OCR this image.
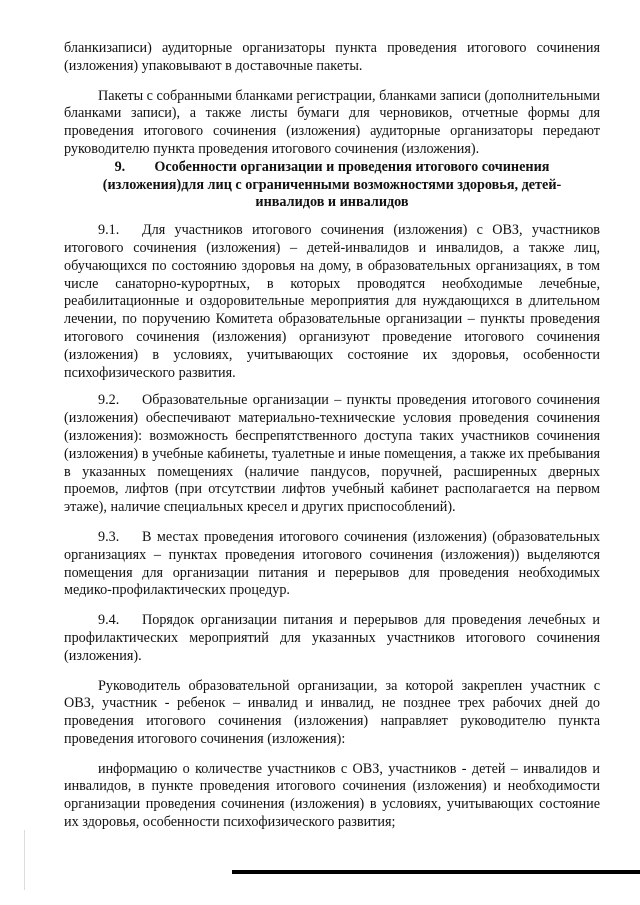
бланкизаписи) аудиторные организаторы пункта проведения итогового сочинения (изложения) упаковывают в доставочные пакеты.

Пакеты с собранными бланками регистрации, бланками записи (дополнительными бланками записи), а также листы бумаги для черновиков, отчетные формы для проведения итогового сочинения (изложения) аудиторные организаторы передают руководителю пункта проведения итогового сочинения (изложения).

9. Особенности организации и проведения итогового сочинения (изложения)для лиц с ограниченными возможностями здоровья, детей-инвалидов и инвалидов

9.1. Для участников итогового сочинения (изложения) с ОВЗ, участников итогового сочинения (изложения) – детей-инвалидов и инвалидов, а также лиц, обучающихся по состоянию здоровья на дому, в образовательных организациях, в том числе санаторно-курортных, в которых проводятся необходимые лечебные, реабилитационные и оздоровительные мероприятия для нуждающихся в длительном лечении, по поручению Комитета образовательные организации – пункты проведения итогового сочинения (изложения) организуют проведение итогового сочинения (изложения) в условиях, учитывающих состояние их здоровья, особенности психофизического развития.

9.2. Образовательные организации – пункты проведения итогового сочинения (изложения) обеспечивают материально-технические условия проведения сочинения (изложения): возможность беспрепятственного доступа таких участников сочинения (изложения) в учебные кабинеты, туалетные и иные помещения, а также их пребывания в указанных помещениях (наличие пандусов, поручней, расширенных дверных проемов, лифтов (при отсутствии лифтов учебный кабинет располагается на первом этаже), наличие специальных кресел и других приспособлений).

9.3. В местах проведения итогового сочинения (изложения) (образовательных организациях – пунктах проведения итогового сочинения (изложения)) выделяются помещения для организации питания и перерывов для проведения необходимых медико-профилактических процедур.

9.4. Порядок организации питания и перерывов для проведения лечебных и профилактических мероприятий для указанных участников итогового сочинения (изложения).

Руководитель образовательной организации, за которой закреплен участник с ОВЗ, участник - ребенок – инвалид и инвалид, не позднее трех рабочих дней до проведения итогового сочинения (изложения) направляет руководителю пункта проведения итогового сочинения (изложения):

информацию о количестве участников с ОВЗ, участников - детей – инвалидов и инвалидов, в пункте проведения итогового сочинения (изложения) и необходимости организации проведения сочинения (изложения) в условиях, учитывающих состояние их здоровья, особенности психофизического развития;
